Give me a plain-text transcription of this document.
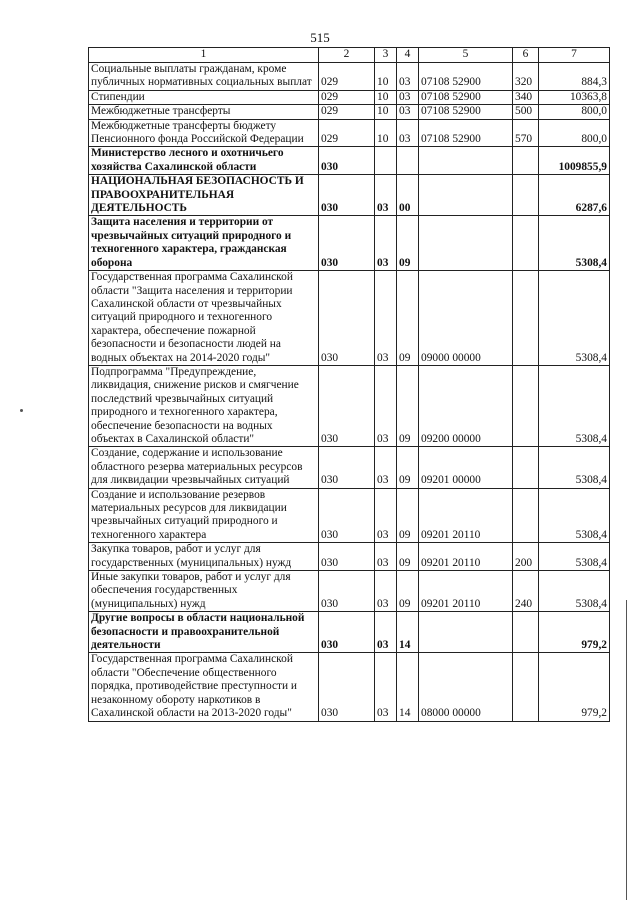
515
1	2	3	4	5	6	7
Социальные выплаты гражданам, кроме публичных нормативных социальных выплат	029	10	03	07108 52900	320	884,3
Стипендии	029	10	03	07108 52900	340	10363,8
Межбюджетные трансферты	029	10	03	07108 52900	500	800,0
Межбюджетные трансферты бюджету Пенсионного фонда Российской Федерации	029	10	03	07108 52900	570	800,0
Министерство лесного и охотничьего хозяйства Сахалинской области	030					1009855,9
НАЦИОНАЛЬНАЯ БЕЗОПАСНОСТЬ И ПРАВООХРАНИТЕЛЬНАЯ ДЕЯТЕЛЬНОСТЬ	030	03	00			6287,6
Защита населения и территории от чрезвычайных ситуаций природного и техногенного характера, гражданская оборона	030	03	09			5308,4
Государственная программа Сахалинской области "Защита населения и территории Сахалинской области от чрезвычайных ситуаций природного и техногенного характера, обеспечение пожарной безопасности и безопасности людей на водных объектах на 2014-2020 годы"	030	03	09	09000 00000		5308,4
Подпрограмма "Предупреждение, ликвидация, снижение рисков и смягчение последствий чрезвычайных ситуаций природного и техногенного характера, обеспечение безопасности на водных объектах в Сахалинской области"	030	03	09	09200 00000		5308,4
Создание, содержание и использование областного резерва материальных ресурсов для ликвидации чрезвычайных ситуаций	030	03	09	09201 00000		5308,4
Создание и использование резервов материальных ресурсов для ликвидации чрезвычайных ситуаций природного и техногенного характера	030	03	09	09201 20110		5308,4
Закупка товаров, работ и услуг для государственных (муниципальных) нужд	030	03	09	09201 20110	200	5308,4
Иные закупки товаров, работ и услуг для обеспечения государственных (муниципальных) нужд	030	03	09	09201 20110	240	5308,4
Другие вопросы в области национальной безопасности и правоохранительной деятельности	030	03	14			979,2
Государственная программа Сахалинской области "Обеспечение общественного порядка, противодействие преступности и незаконному обороту наркотиков в Сахалинской области на 2013-2020 годы"	030	03	14	08000 00000		979,2
